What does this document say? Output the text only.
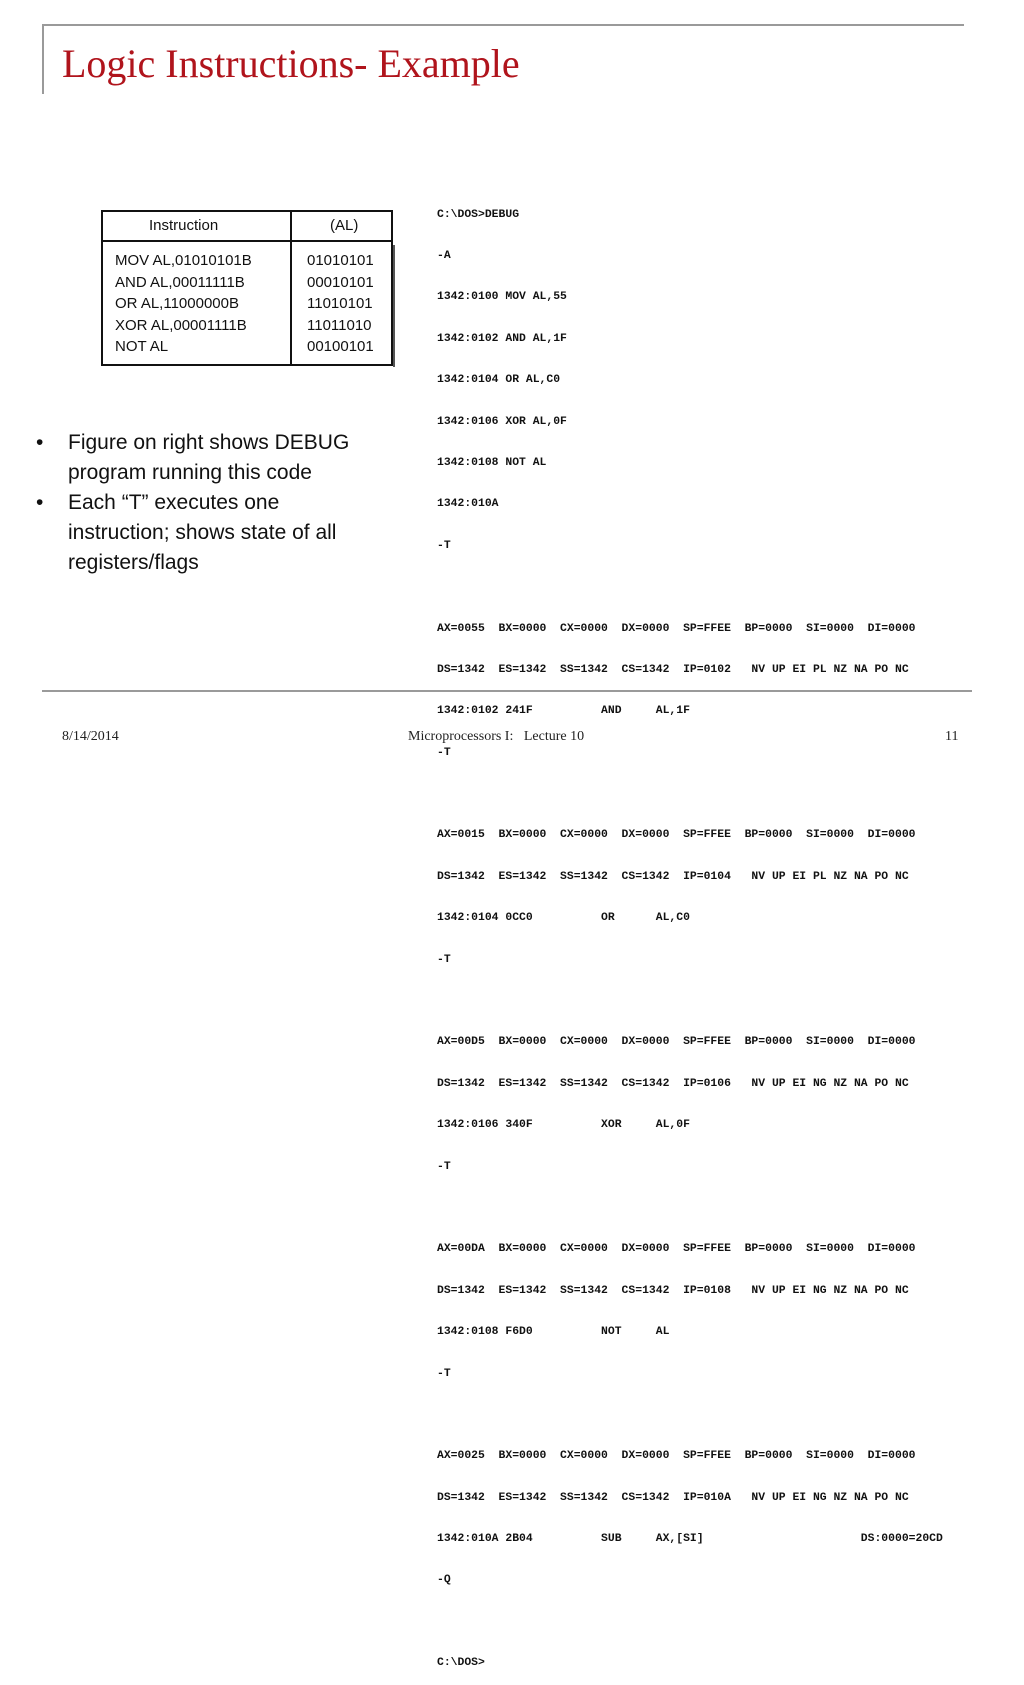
Logic Instructions- Example
Instruction	(AL)
MOV AL,01010101B	01010101
AND AL,00011111B	00010101
OR AL,11000000B	11010101
XOR AL,00001111B	11011010
NOT AL	00100101
• Figure on right shows DEBUG program running this code
• Each “T” executes one instruction; shows state of all registers/flags

C:\DOS>DEBUG

-A

1342:0100 MOV AL,55

1342:0102 AND AL,1F

1342:0104 OR AL,C0

1342:0106 XOR AL,0F

1342:0108 NOT AL

1342:010A

-T

AX=0055  BX=0000  CX=0000  DX=0000  SP=FFEE  BP=0000  SI=0000  DI=0000

DS=1342  ES=1342  SS=1342  CS=1342  IP=0102   NV UP EI PL NZ NA PO NC

1342:0102 241F          AND     AL,1F

-T

AX=0015  BX=0000  CX=0000  DX=0000  SP=FFEE  BP=0000  SI=0000  DI=0000

DS=1342  ES=1342  SS=1342  CS=1342  IP=0104   NV UP EI PL NZ NA PO NC

1342:0104 0CC0          OR      AL,C0

-T

AX=00D5  BX=0000  CX=0000  DX=0000  SP=FFEE  BP=0000  SI=0000  DI=0000

DS=1342  ES=1342  SS=1342  CS=1342  IP=0106   NV UP EI NG NZ NA PO NC

1342:0106 340F          XOR     AL,0F

-T

AX=00DA  BX=0000  CX=0000  DX=0000  SP=FFEE  BP=0000  SI=0000  DI=0000

DS=1342  ES=1342  SS=1342  CS=1342  IP=0108   NV UP EI NG NZ NA PO NC

1342:0108 F6D0          NOT     AL

-T

AX=0025  BX=0000  CX=0000  DX=0000  SP=FFEE  BP=0000  SI=0000  DI=0000

DS=1342  ES=1342  SS=1342  CS=1342  IP=010A   NV UP EI NG NZ NA PO NC

1342:010A 2B04          SUB     AX,[SI]                       DS:0000=20CD

-Q

C:\DOS>

8/14/2014	Microprocessors I:   Lecture 10	11
